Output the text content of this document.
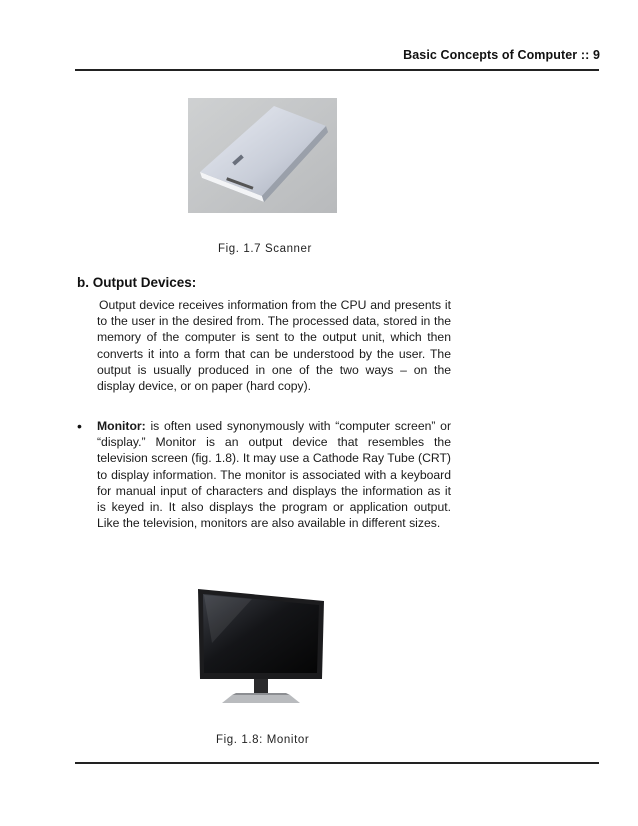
Basic Concepts of Computer :: 9
Fig. 1.7 Scanner
b. Output Devices:
Output device receives information from the CPU and presents it to the user in the desired from. The processed data, stored in the memory of the computer is sent to the output unit, which then converts it into a form that can be understood by the user. The output is usually produced in one of the two ways – on the display device, or on paper (hard copy).
• Monitor: is often used synonymously with “computer screen” or “display.” Monitor is an output device that resembles the television screen (fig. 1.8). It may use a Cathode Ray Tube (CRT) to display information. The monitor is associated with a keyboard for manual input of characters and displays the information as it is keyed in. It also displays the program or application output. Like the television, monitors are also available in different sizes.
Fig. 1.8: Monitor
